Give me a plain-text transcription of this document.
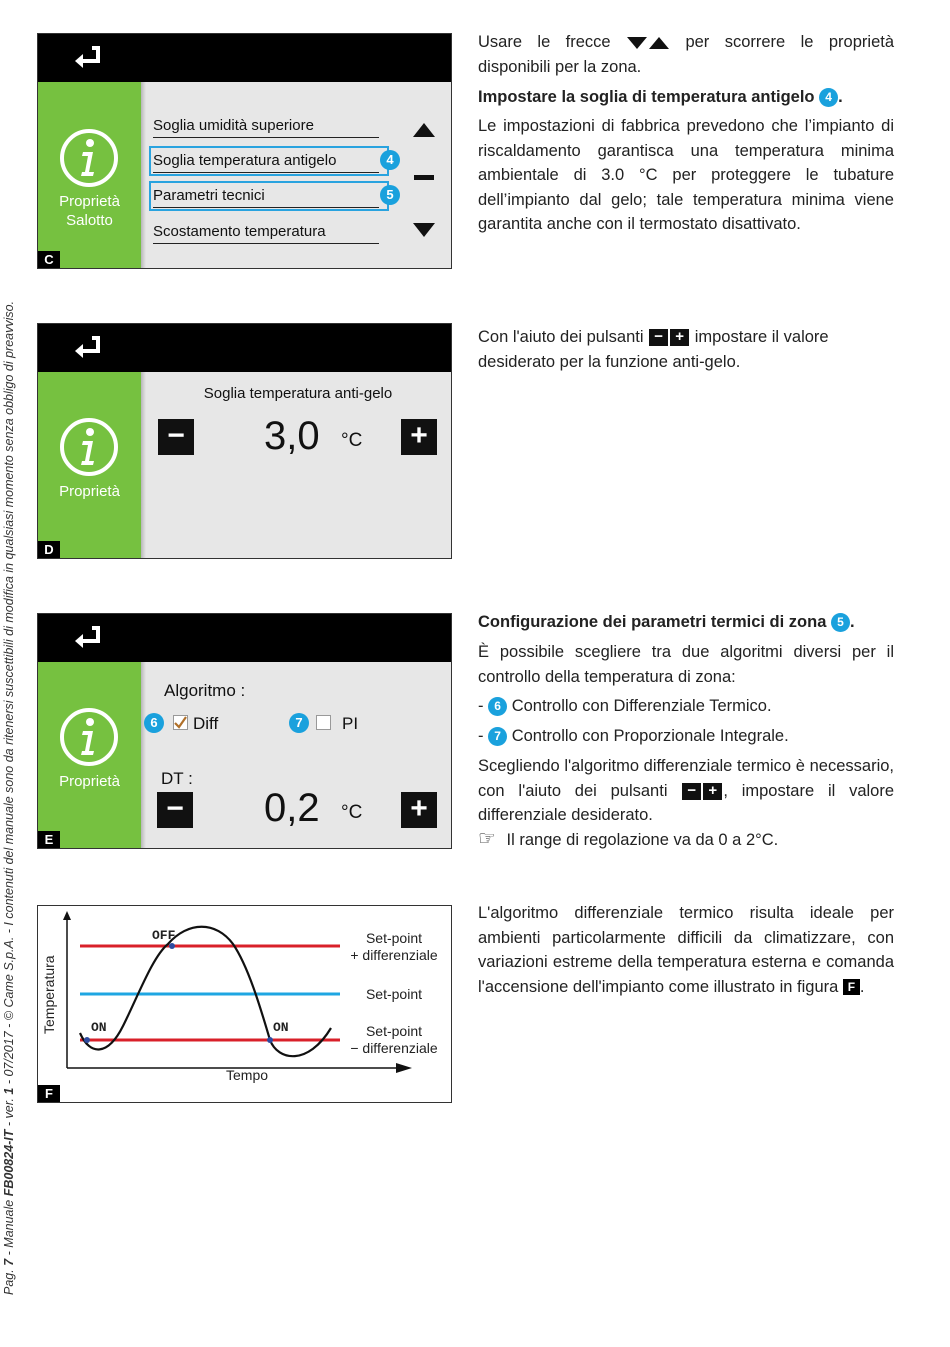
Pag. 7 - Manuale FB00824-IT - ver. 1 - 07/2017 - © Came S.p.A. - I contenuti del manuale sono da ritenersi suscettibili di modifica in qualsiasi momento senza obbligo di preavviso.
Proprietà
Salotto
Soglia umidità superiore
Soglia temperatura antigelo	4
Parametri tecnici	5
Scostamento temperatura
C
Proprietà
Soglia temperatura anti-gelo
− 3,0 °C	+
D
Proprietà
Algoritmo :
6	Diff	7	PI
DT :
− 0,2 °C	+
E
OFF
ON	ON
Temperatura
Tempo
Set-point
+ differenziale
Set-point
Set-point
− differenziale
F
Usare le frecce	per scorrere le proprietà disponibili per la zona.
Impostare la soglia di temperatura antigelo 4 .
Le impostazioni di fabbrica prevedono che l’impianto di riscaldamento garantisca una temperatura minima ambientale di 3.0 °C per proteggere le tubature dell’impianto dal gelo; tale temperatura minima viene garantita anche con il termostato disattivato.
Con l'aiuto dei pulsanti − + impostare il valore desiderato per la funzione anti-gelo.
Configurazione dei parametri termici di zona 5 .
È possibile scegliere tra due algoritmi diversi per il controllo della temperatura di zona:
- 6 Controllo con Differenziale Termico.
- 7 Controllo con Proporzionale Integrale.
Scegliendo l'algoritmo differenziale termico è necessario, con l'aiuto dei pulsanti − + , impostare il valore differenziale desiderato.
☞ Il range di regolazione va da 0 a 2°C.
L'algoritmo differenziale termico risulta ideale per ambienti particolarmente difficili da climatizzare, con variazioni estreme della temperatura esterna e comanda l'accensione dell'impianto come illustrato in figura F .
